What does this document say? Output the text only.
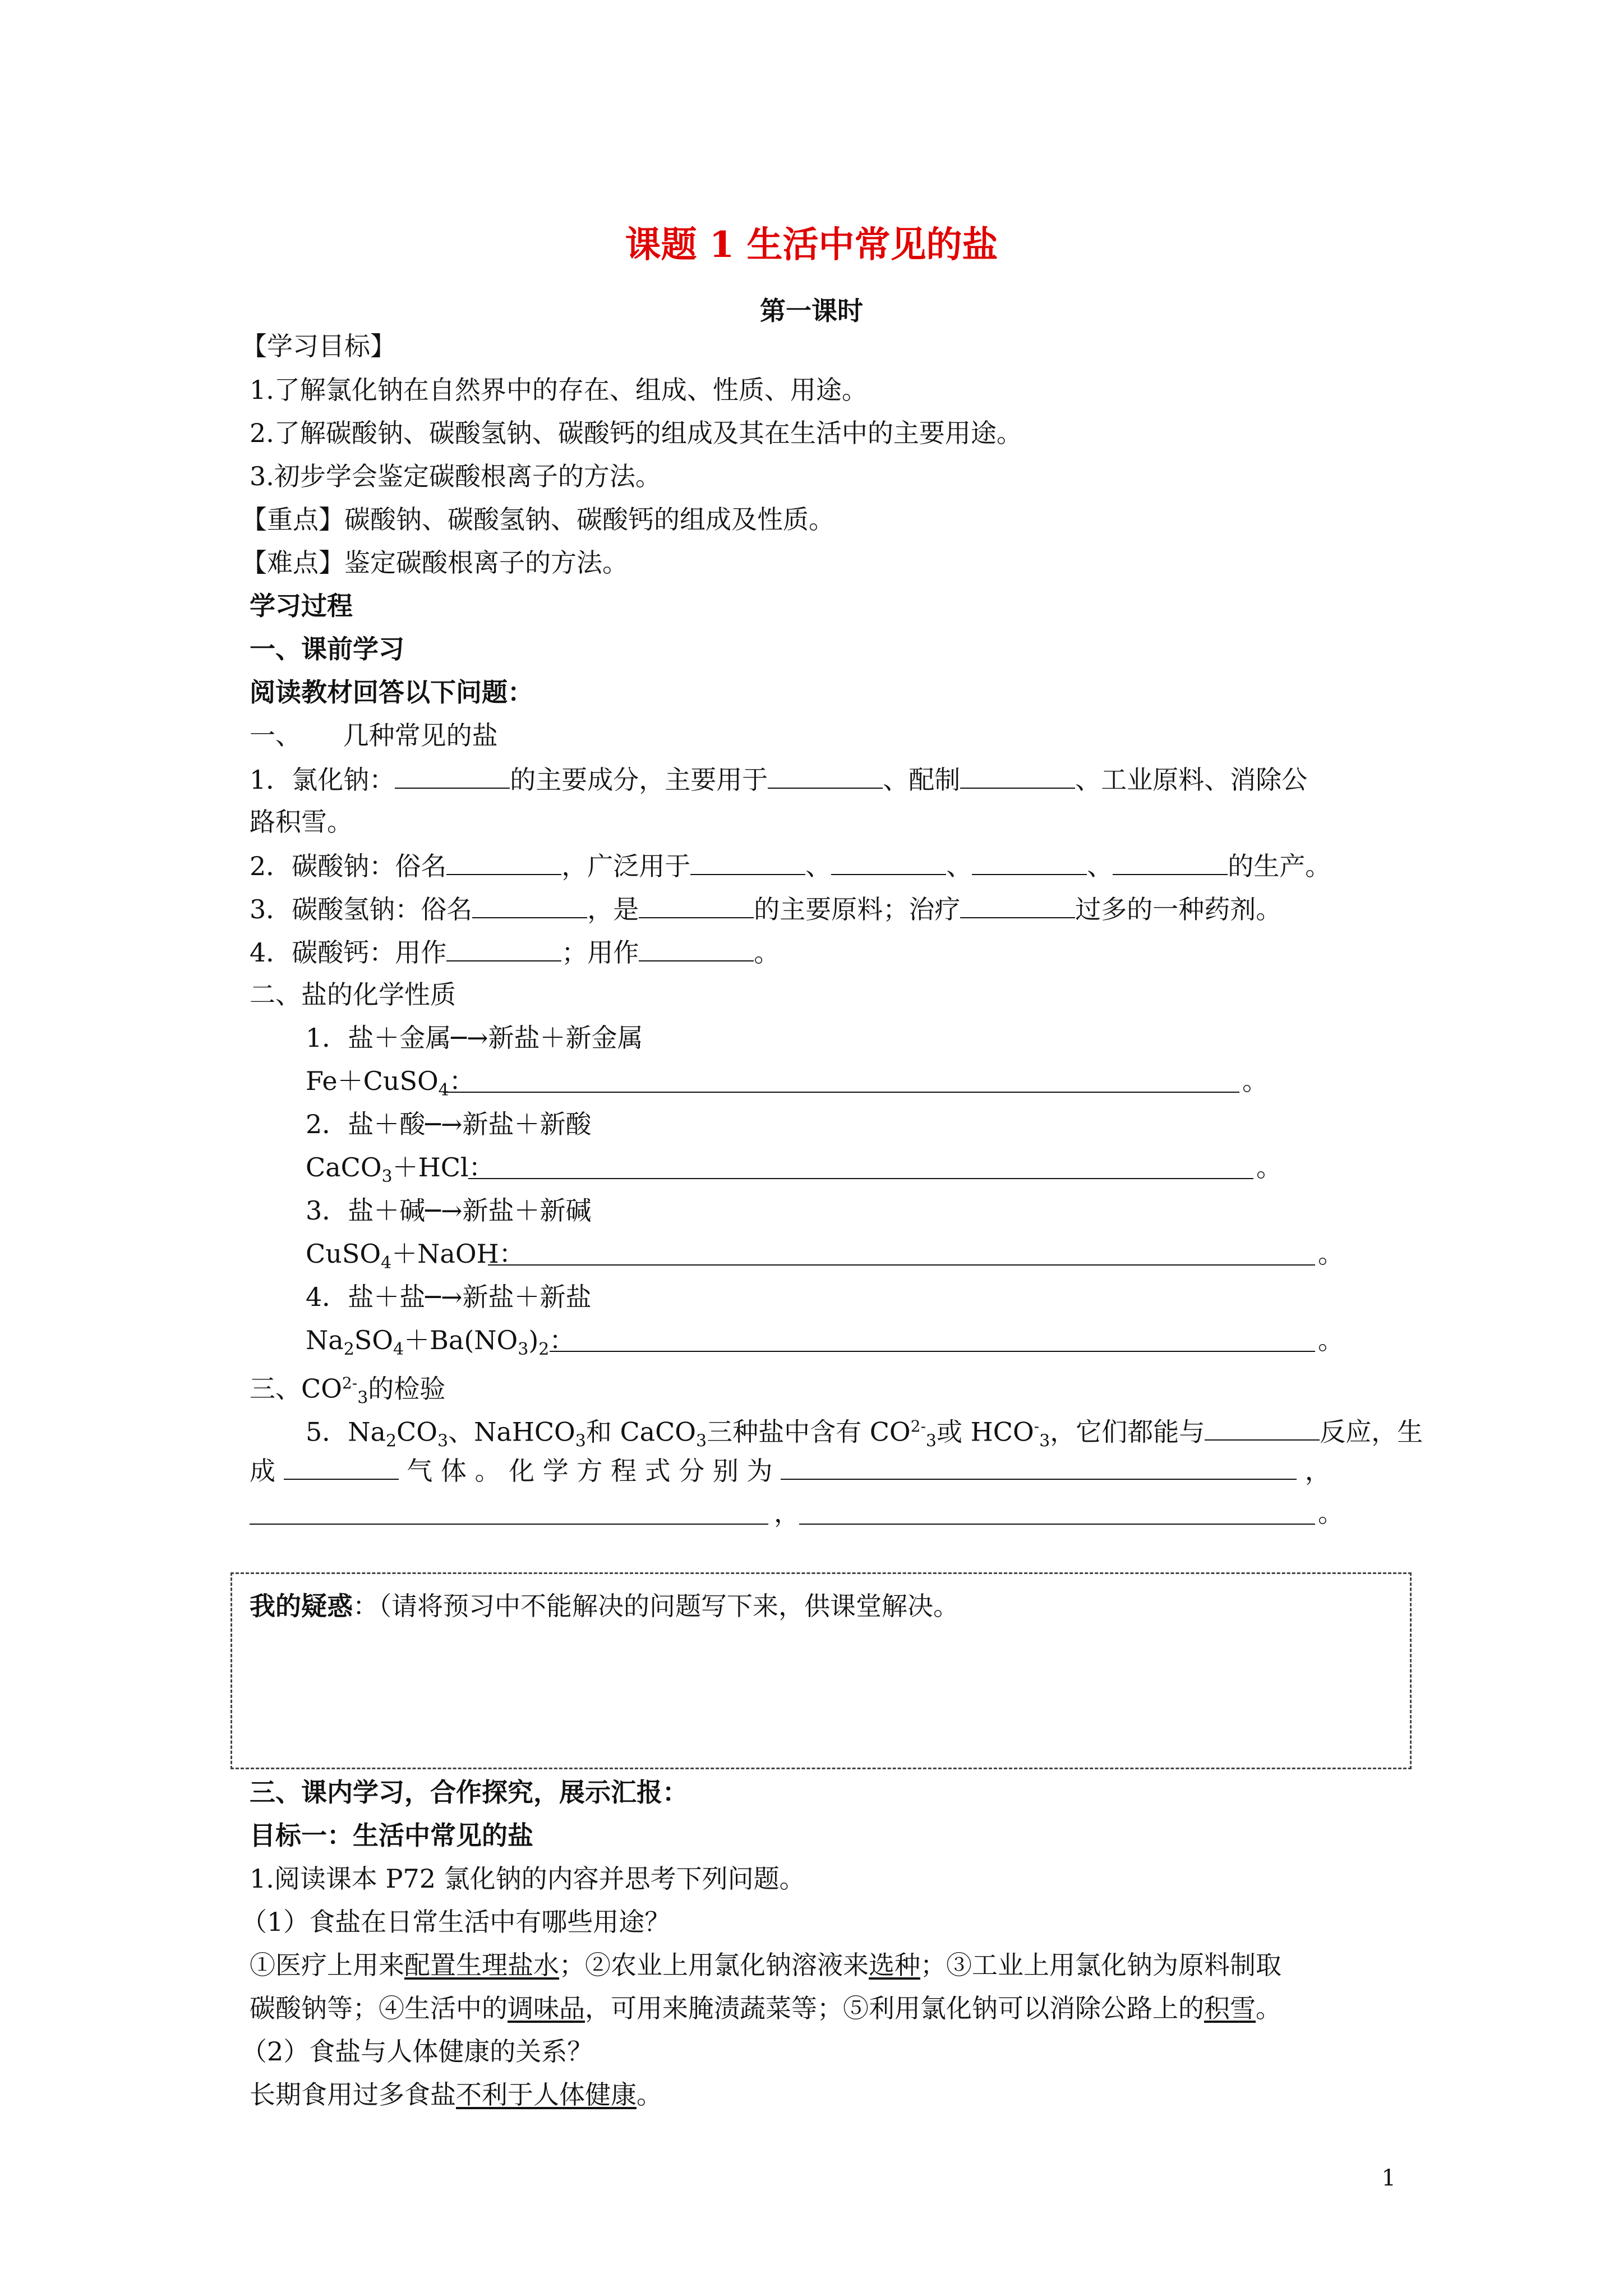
课题 1 生活中常见的盐
第一课时
【学习目标】
1.了解氯化钠在自然界中的存在、组成、性质、用途。
2.了解碳酸钠、碳酸氢钠、碳酸钙的组成及其在生活中的主要用途。
3.初步学会鉴定碳酸根离子的方法。
【重点】碳酸钠、碳酸氢钠、碳酸钙的组成及性质。
【难点】鉴定碳酸根离子的方法。
学习过程
一、课前学习
阅读教材回答以下问题：
一、 几种常见的盐
1．氯化钠：	的主要成分，主要用于	、配制	、工业原料、消除公
路积雪。
2．碳酸钠：俗名	，广泛用于	、	、	、	的生产。
3．碳酸氢钠：俗名	，是	的主要原料；治疗	过多的一种药剂。
4．碳酸钙：用作	；用作	。
二、盐的化学性质
1．盐＋金属─→新盐＋新金属
Fe＋CuSO$_4$：	。
2．盐＋酸─→新盐＋新酸
CaCO$_3$＋HCl：	。
3．盐＋碱─→新盐＋新碱
CuSO$_4$＋NaOH：	。
4．盐＋盐─→新盐＋新盐
$Na_2SO_4+Ba(NO_3)_2$：	。
三、$CO^{2-}_3$的检验
5．$Na_2CO_3$、NaHCO$_3$和 CaCO$_3$三种盐中含有 $CO^{2-}_3$或 $HCO^-_3$，它们都能与	反应，生
成	气 体 。 化 学 方 程 式 分 别 为	，
，	。
我的疑惑：（请将预习中不能解决的问题写下来，供课堂解决。
三、课内学习，合作探究，展示汇报：
目标一：生活中常见的盐
1.阅读课本 P72 氯化钠的内容并思考下列问题。
（1）食盐在日常生活中有哪些用途？
①医疗上用来配置生理盐水；②农业上用氯化钠溶液来选种；③工业上用氯化钠为原料制取
碳酸钠等；④生活中的调味品，可用来腌渍蔬菜等；⑤利用氯化钠可以消除公路上的积雪。
（2）食盐与人体健康的关系？
长期食用过多食盐不利于人体健康。
1
